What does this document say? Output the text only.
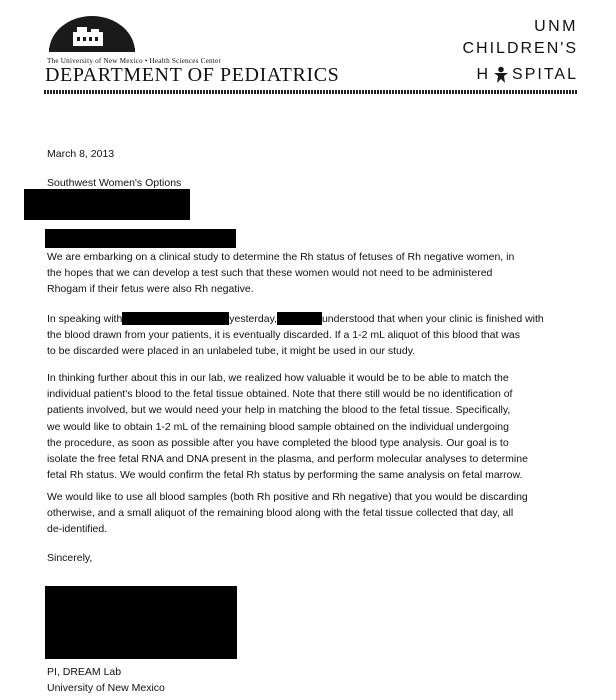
The University of New Mexico • Health Sciences Center
DEPARTMENT OF PEDIATRICS
UNM
CHILDREN'S
H SPITAL
March 8, 2013
Southwest Women's Options

We are embarking on a clinical study to determine the Rh status of fetuses of Rh negative women, in

the hopes that we can develop a test such that these women would not need to be administered

Rhogam if their fetus were also Rh negative.

In speaking with	yesterday,	understood that when your clinic is finished with

the blood drawn from your patients, it is eventually discarded. If a 1-2 mL aliquot of this blood that was

to be discarded were placed in an unlabeled tube, it might be used in our study.

In thinking further about this in our lab, we realized how valuable it would be to be able to match the

individual patient's blood to the fetal tissue obtained. Note that there still would be no identification of

patients involved, but we would need your help in matching the blood to the fetal tissue. Specifically,

we would like to obtain 1-2 mL of the remaining blood sample obtained on the individual undergoing

the procedure, as soon as possible after you have completed the blood type analysis. Our goal is to

isolate the free fetal RNA and DNA present in the plasma, and perform molecular analyses to determine

fetal Rh status. We would confirm the fetal Rh status by performing the same analysis on fetal marrow.

We would like to use all blood samples (both Rh positive and Rh negative) that you would be discarding

otherwise, and a small aliquot of the remaining blood along with the fetal tissue collected that day, all

de-identified.

Sincerely,
PI, DREAM Lab
University of New Mexico
